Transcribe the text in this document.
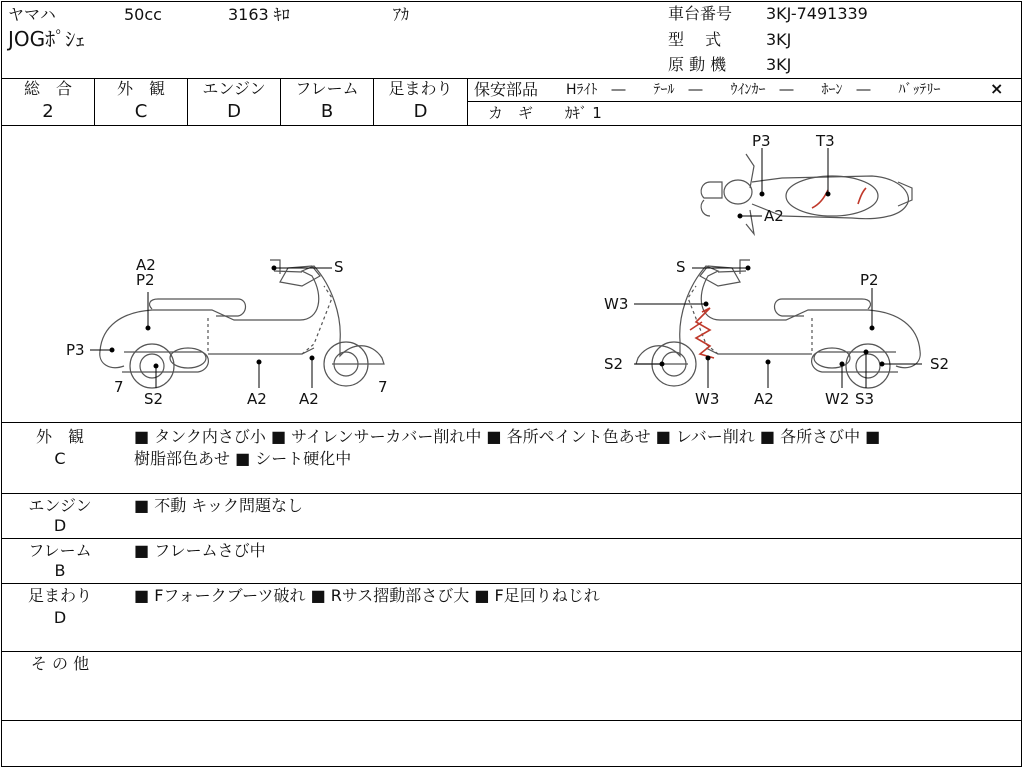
ヤマハ	50cc	3163 ｷﾛ	ｱｶ
JOGﾎﾟｼｪ
車台番号 3KJ-7491339
型　 式	3KJ
原 動 機 3KJ
総　合
2
外　観
C
エンジン
D
フレーム
B
足まわり
D
保安部品 Hﾗｲﾄ　―　　ﾃｰﾙ　―　　ｳｲﾝｶｰ　―　　ﾎｰﾝ　―　　ﾊﾞｯﾃﾘｰ	×
カ　ギ ｶｷﾞ 1
A2
P2
P3
S
7
S2	A2 A2
7
S
P2
W3
S2
W3 A2	W2 S3
S2
P3	T3
A2
外　観
C
■ タンク内さび小 ■ サイレンサーカバー削れ中 ■ 各所ペイント色あせ ■ レバー削れ ■ 各所さび中 ■
樹脂部色あせ ■ シート硬化中
エンジン
D
■ 不動 キック問題なし
フレーム
B
■ フレームさび中
足まわり
D
■ Fフォークブーツ破れ ■ Rサス摺動部さび大 ■ F足回りねじれ
そ の 他
